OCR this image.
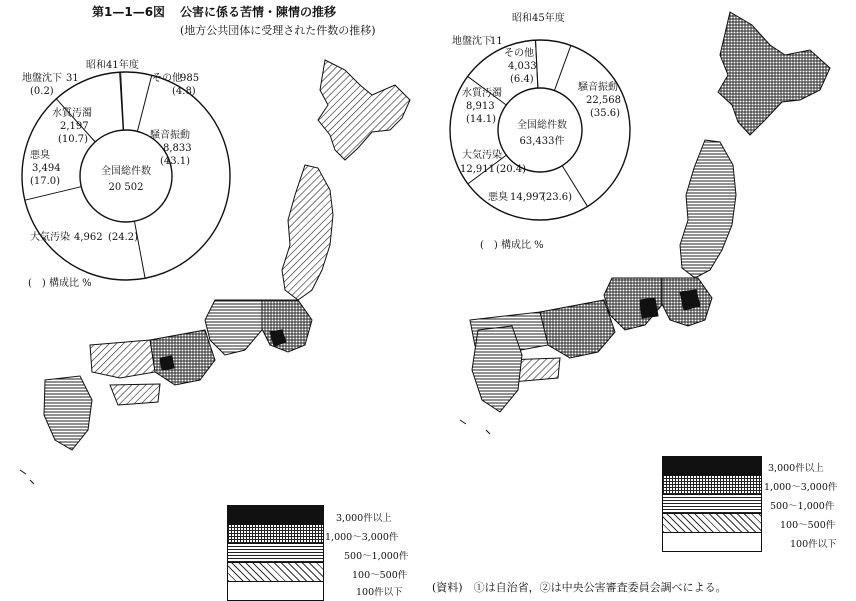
第1—1—6図 公害に係る苦情・陳情の推移
(地方公共団体に受理された件数の推移)
昭和41年度
全国総件数
20 502
騒音振動
8,833
(43.1)
大気汚染 4,962 (24.2)
悪臭
3,494
(17.0)
水質汚濁
2,197
(10.7)
地盤沈下 31
(0.2)
その他
985
(4.8)
(　) 構成比 %
昭和45年度
全国総件数
63,433件
騒音振動
22,568
(35.6)
悪臭 14,997
(23.6)
大気汚染
12,911 (20.4)
水質汚濁
8,913
(14.1)
地盤沈下
11
その他
4,033
(6.4)
(　) 構成比 %
3,000件以上
1,000〜3,000件
500〜1,000件
100〜500件
100件以下
3,000件以上
1,000〜3,000件
500〜1,000件
100〜500件
100件以下
(資料)　①は自治省，②は中央公害審査委員会調べによる。
